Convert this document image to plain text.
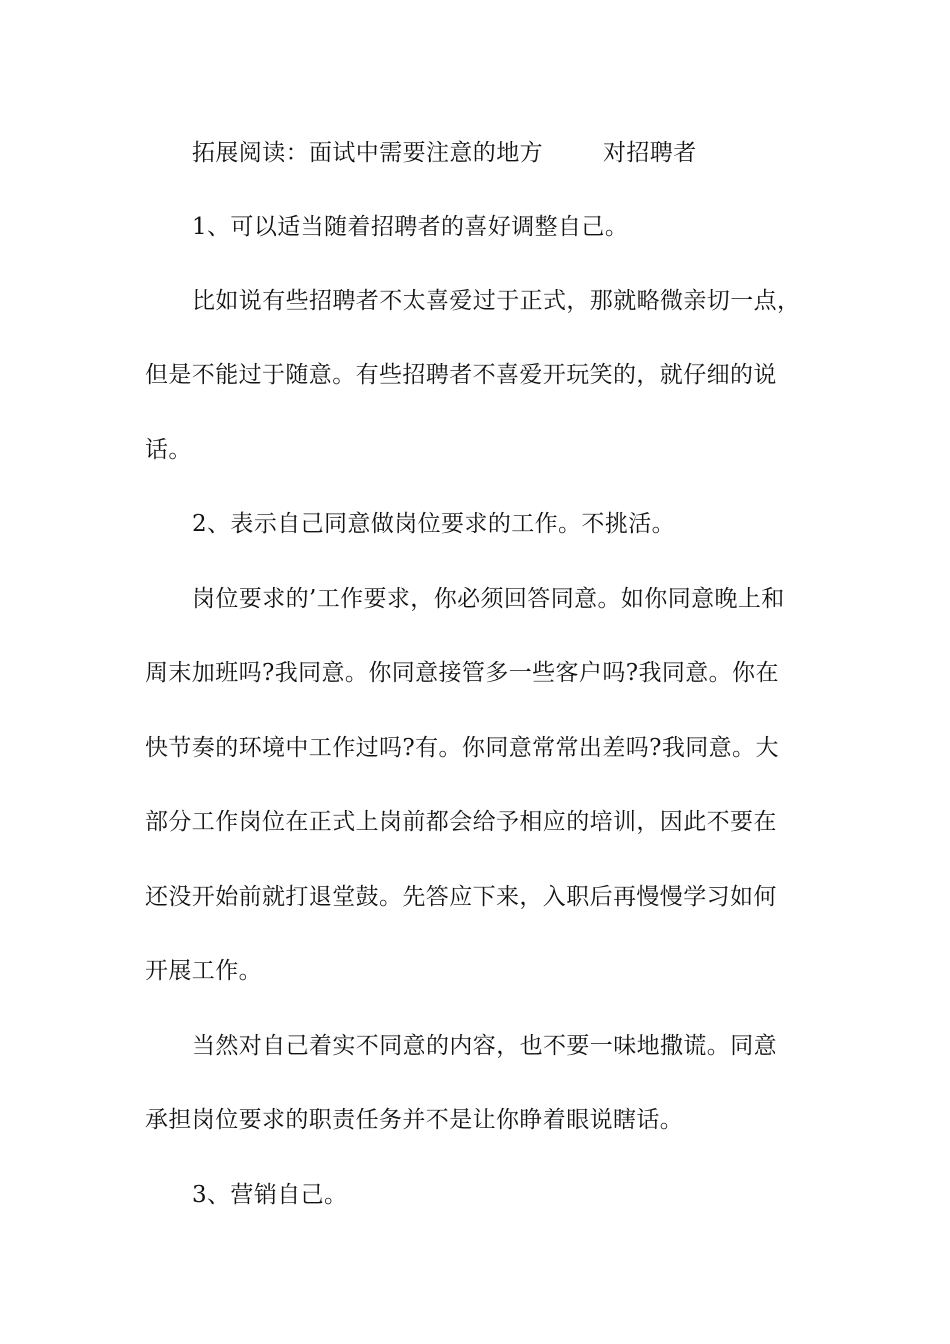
拓展阅读：面试中需要注意的地方	对招聘者
1、可以适当随着招聘者的喜好调整自己。
比如说有些招聘者不太喜爱过于正式，那就略微亲切一点，
但是不能过于随意。有些招聘者不喜爱开玩笑的，就仔细的说
话。
2、表示自己同意做岗位要求的工作。不挑活。
岗位要求的’工作要求，你必须回答同意。如你同意晚上和
周末加班吗?我同意。你同意接管多一些客户吗?我同意。你在
快节奏的环境中工作过吗?有。你同意常常出差吗?我同意。大
部分工作岗位在正式上岗前都会给予相应的培训，因此不要在
还没开始前就打退堂鼓。先答应下来，入职后再慢慢学习如何
开展工作。
当然对自己着实不同意的内容，也不要一味地撒谎。同意
承担岗位要求的职责任务并不是让你睁着眼说瞎话。
3、营销自己。
